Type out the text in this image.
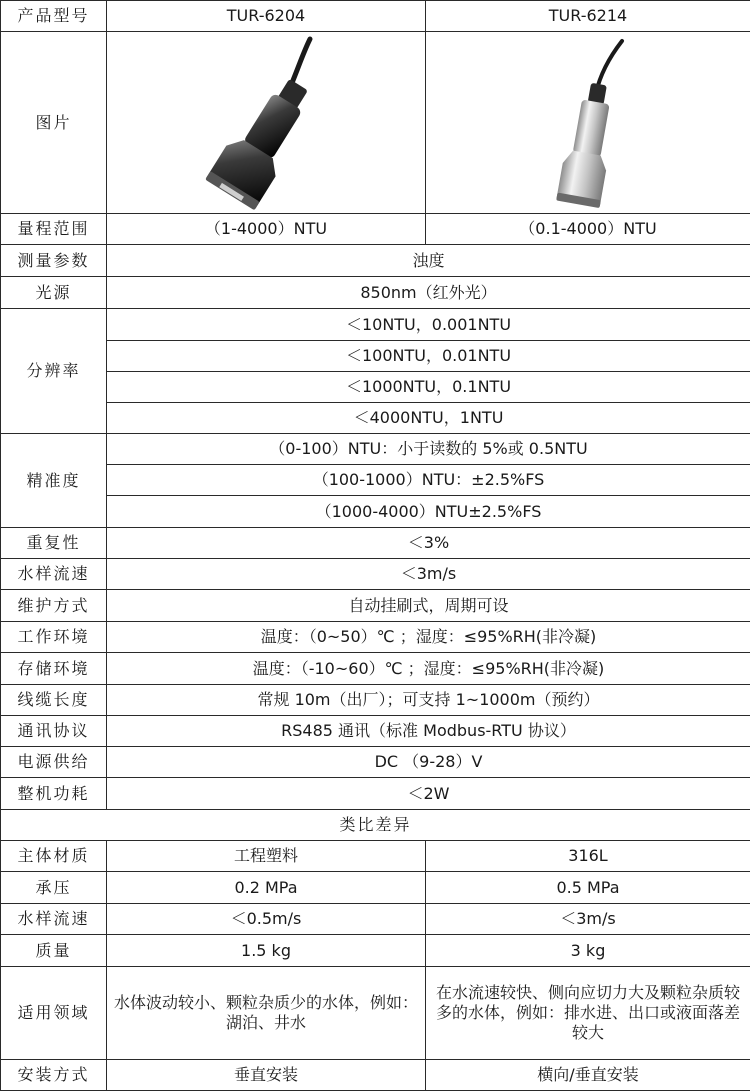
产品型号	TUR-6204	TUR-6214
图片	

量程范围	（1-4000）NTU	（0.1-4000）NTU
测量参数	浊度	
光源	850nm（红外光）	
分辨率	＜10NTU，0.001NTU	
	＜100NTU，0.01NTU	
	＜1000NTU，0.1NTU	
	＜4000NTU，1NTU	
精准度	（0-100）NTU：小于读数的 5%或 0.5NTU	
	（100-1000）NTU：±2.5%FS	
	（1000-4000）NTU±2.5%FS	
重复性	＜3%	
水样流速	＜3m/s	
维护方式	自动挂刷式，周期可设	
工作环境	温度：（0~50）℃ ；湿度：≤95%RH(非冷凝)	
存储环境	温度：（-10~60）℃ ；湿度：≤95%RH(非冷凝)	
线缆长度	常规 10m（出厂）；可支持 1~1000m（预约）	
通讯协议	RS485 通讯（标准 Modbus-RTU 协议）	
电源供给	DC （9-28）V	
整机功耗	＜2W	
类比差异		
主体材质	工程塑料	316L
承压	0.2 MPa	0.5 MPa
水样流速	＜0.5m/s	＜3m/s
质量	1.5 kg	3 kg
适用领域	水体波动较小、颗粒杂质少的水体，例如：湖泊、井水	在水流速较快、侧向应切力大及颗粒杂质较多的水体，例如：排水进、出口或液面落差较大
安装方式	垂直安装	横向/垂直安装
